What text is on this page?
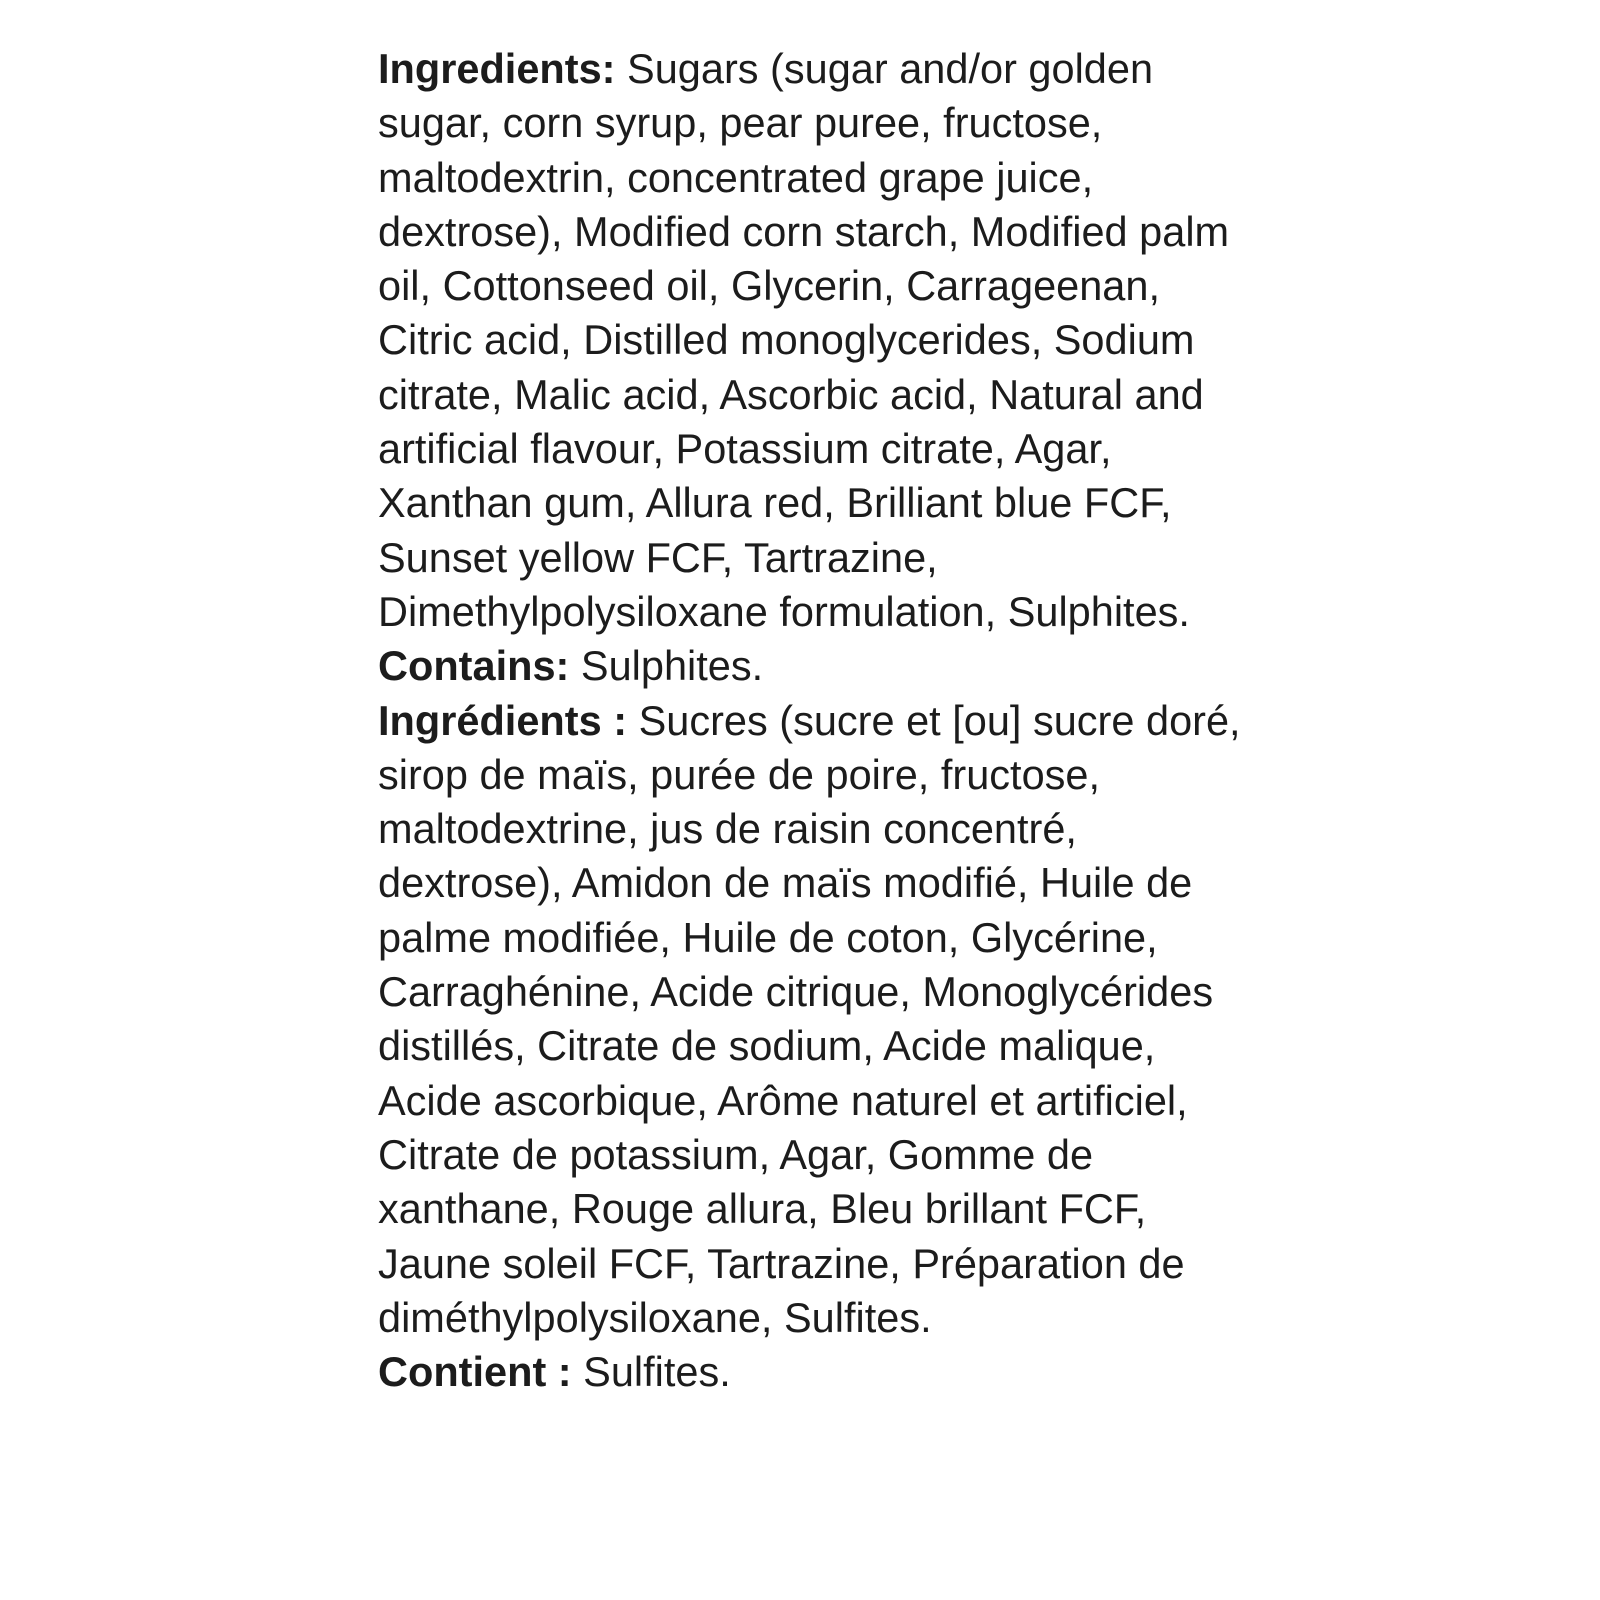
Ingredients: Sugars (sugar and/or golden sugar, corn syrup, pear puree, fructose, maltodextrin, concentrated grape juice, dextrose), Modified corn starch, Modified palm oil, Cottonseed oil, Glycerin, Carrageenan, Citric acid, Distilled monoglycerides, Sodium citrate, Malic acid, Ascorbic acid, Natural and artificial flavour, Potassium citrate, Agar, Xanthan gum, Allura red, Brilliant blue FCF, Sunset yellow FCF, Tartrazine, Dimethylpolysiloxane formulation, Sulphites.

Contains: Sulphites.

Ingrédients : Sucres (sucre et [ou] sucre doré, sirop de maïs, purée de poire, fructose, maltodextrine, jus de raisin concentré, dextrose), Amidon de maïs modifié, Huile de palme modifiée, Huile de coton, Glycérine, Carraghénine, Acide citrique, Monoglycérides distillés, Citrate de sodium, Acide malique, Acide ascorbique, Arôme naturel et artificiel, Citrate de potassium, Agar, Gomme de xanthane, Rouge allura, Bleu brillant FCF, Jaune soleil FCF, Tartrazine, Préparation de diméthylpolysiloxane, Sulfites.

Contient : Sulfites.
